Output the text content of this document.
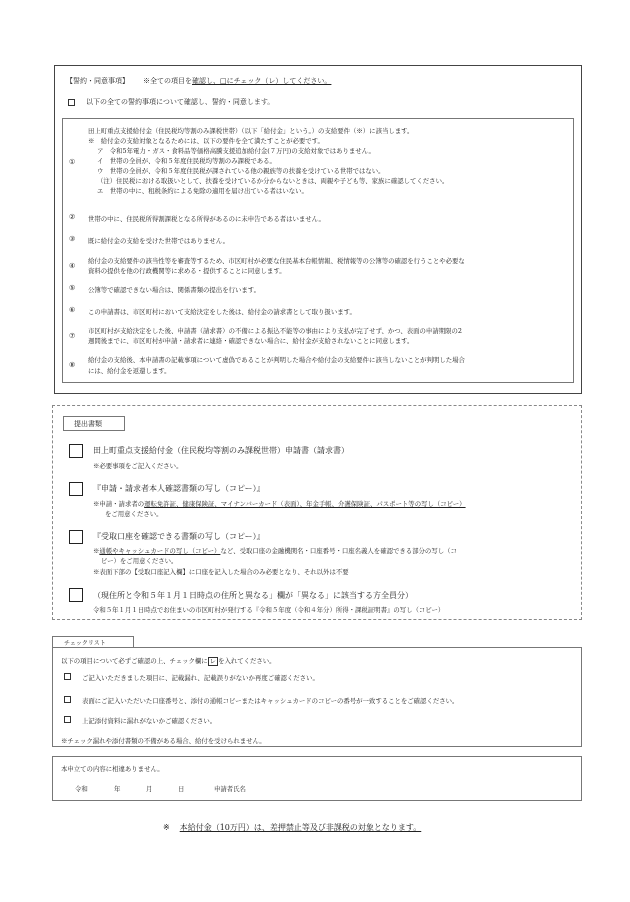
【誓約・同意事項】 ※全ての項目を確認し、□にチェック（レ）してください。
以下の全ての誓約事項について確認し、誓約・同意します。
①
田上町重点支援給付金（住民税均等割のみ課税世帯）（以下「給付金」という。）の支給要件（※）に該当します。
※　給付金の支給対象となるためには、以下の要件を全て満たすことが必要です。
ア　令和5年電力・ガス・食料品等価格高騰支援追加給付金(７万円)の支給対象ではありません。
イ　世帯の全員が、令和５年度住民税均等割のみ課税である。
ウ　世帯の全員が、令和５年度住民税が課されている他の親族等の扶養を受けている世帯ではない。
（注）住民税における取扱いとして、扶養を受けているか分からないときは、両親や子ども等、家族に確認してください。
エ　世帯の中に、租税条約による免除の適用を届け出ている者はいない。
② 世帯の中に、住民税所得割課税となる所得があるのに未申告である者はいません。
③ 既に給付金の支給を受けた世帯ではありません。
④
給付金の支給要件の該当性等を審査等するため、市区町村が必要な住民基本台帳情報、税情報等の公簿等の確認を行うことや必要な
資料の提供を他の行政機関等に求める・提供することに同意します。
⑤ 公簿等で確認できない場合は、関係書類の提出を行います。
⑥ この申請書は、市区町村において支給決定をした後は、給付金の請求書として取り扱います。
⑦
市区町村が支給決定をした後、申請書（請求書）の不備による振込不能等の事由により支払が完了せず、かつ、表面の申請期限の2
週間後までに、市区町村が申請・請求者に連絡・確認できない場合に、給付金が支給されないことに同意します。
⑧
給付金の支給後、本申請書の記載事項について虚偽であることが判明した場合や給付金の支給要件に該当しないことが判明した場合
には、給付金を返還します。
提出書類
田上町重点支援給付金（住民税均等割のみ課税世帯）申請書（請求書）
※必要事項をご記入ください。
『申請・請求者本人確認書類の写し（コピー）』
※申請・請求者の運転免許証、健康保険証、マイナンバーカード（表面）、年金手帳、介護保険証、パスポート等の写し（コピー）
をご用意ください。
『受取口座を確認できる書類の写し（コピー）』
※通帳やキャッシュカードの写し（コピー）など、受取口座の金融機関名・口座番号・口座名義人を確認できる部分の写し（コ
ピー）をご用意ください。
※表面下部の【受取口座記入欄】に口座を記入した場合のみ必要となり、それ以外は不要
（現住所と令和５年１月１日時点の住所と異なる」欄が「異なる」に該当する方全員分）
令和５年１月１日時点でお住まいの市区町村が発行する『令和５年度（令和４年分）所得・課税証明書』の写し（コピー）
チェックリスト
以下の項目について必ずご確認の上、チェック欄に レ を入れてください。
ご記入いただきました項目に、記載漏れ、記載誤りがないか再度ご確認ください。
表面にご記入いただいた口座番号と、添付の通帳コピーまたはキャッシュカードのコピーの番号が一致することをご確認ください。
上記添付資料に漏れがないかご確認ください。
※チェック漏れや添付書類の不備がある場合、給付を受けられません。
本申立ての内容に相違ありません。
令和	年	月	日	申請者氏名
※ 本給付金（10万円）は、差押禁止等及び非課税の対象となります。
